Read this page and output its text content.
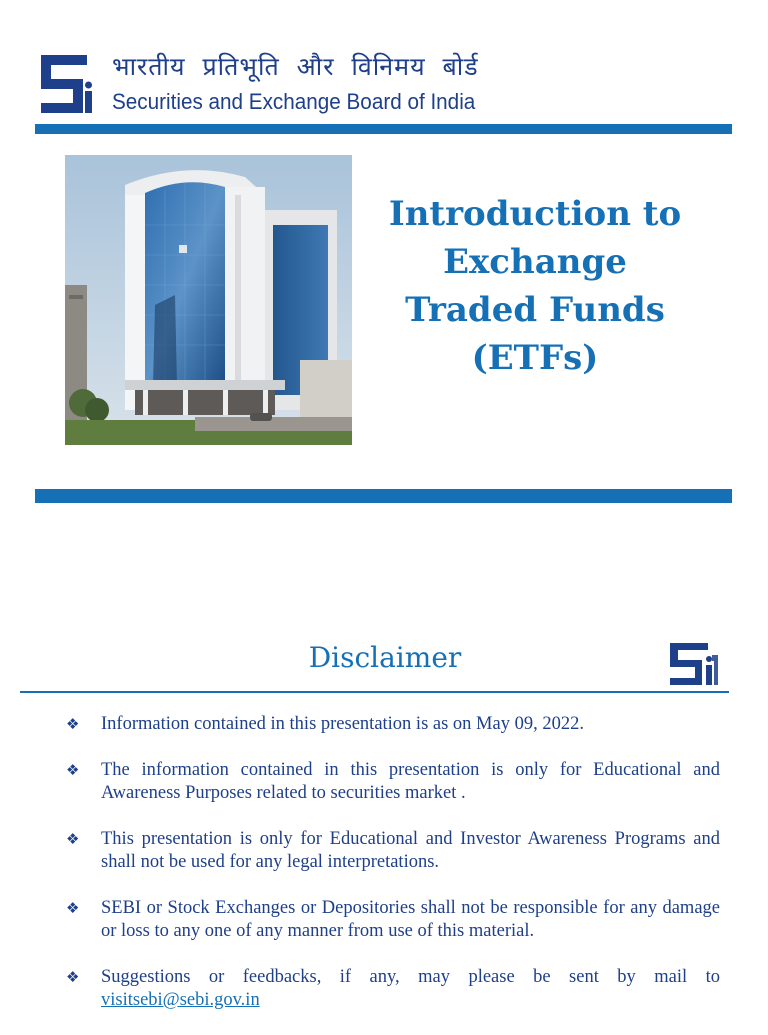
भारतीय प्रतिभूति और विनिमय बोर्ड
Securities and Exchange Board of India
Introduction to
Exchange
Traded Funds
(ETFs)
Disclaimer
❖ Information contained in this presentation is as on May 09, 2022.
❖ The information contained in this presentation is only for Educational and Awareness Purposes related to securities market .
❖ This presentation is only for Educational and Investor Awareness Programs and shall not be used for any legal interpretations.
❖ SEBI or Stock Exchanges or Depositories shall not be responsible for any damage or loss to any one of any manner from use of this material.
❖ Suggestions or feedbacks, if any, may please be sent by mail to visitsebi@sebi.gov.in
